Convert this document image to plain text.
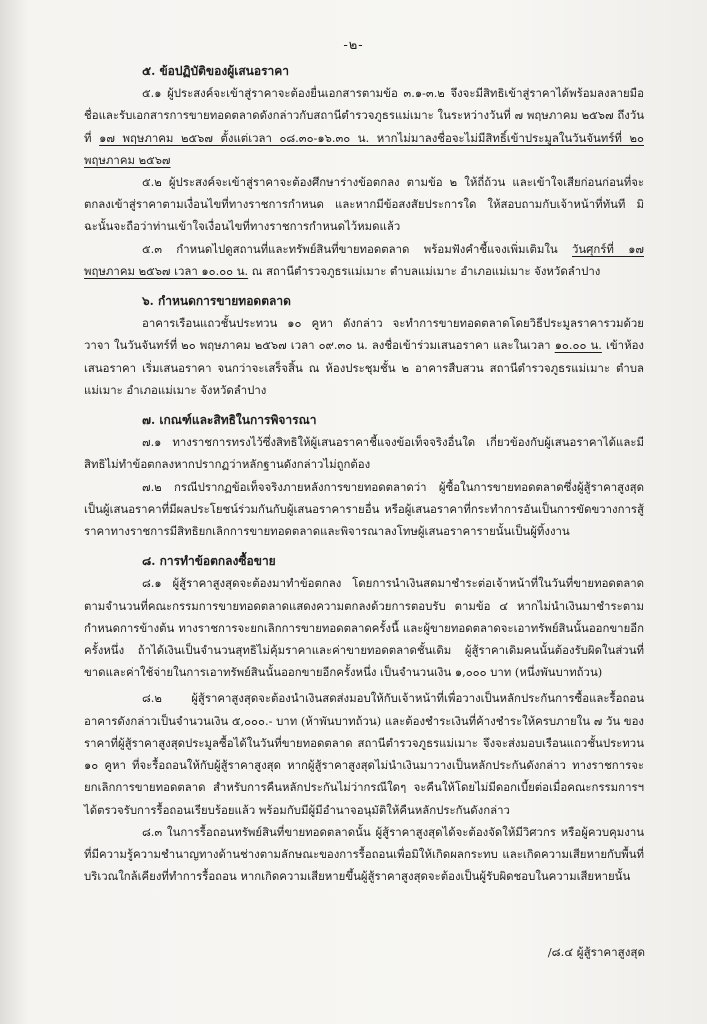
-๒-

๕. ข้อปฏิบัติของผู้เสนอราคา

๕.๑ ผู้ประสงค์จะเข้าสู่ราคาจะต้องยื่นเอกสารตามข้อ ๓.๑-๓.๒ จึงจะมีสิทธิเข้าสู่ราคาได้พร้อมลงลายมือชื่อและรับเอกสารการขายทอดตลาดดังกล่าวกับสถานีตำรวจภูธรแม่เมาะ ในระหว่างวันที่ ๗ พฤษภาคม ๒๕๖๗ ถึงวันที่ ๑๗ พฤษภาคม ๒๕๖๗ ตั้งแต่เวลา ๐๘.๓๐-๑๖.๓๐ น. หากไม่มาลงชื่อจะไม่มีสิทธิ์เข้าประมูลในวันจันทร์ที่ ๒๐ พฤษภาคม ๒๕๖๗

๕.๒ ผู้ประสงค์จะเข้าสู่ราคาจะต้องศึกษาร่างข้อตกลง ตามข้อ ๒ ให้ถี่ถ้วน และเข้าใจเสียก่อนก่อนที่จะตกลงเข้าสู่ราคาตามเงื่อนไขที่ทางราชการกำหนด และหากมีข้อสงสัยประการใด ให้สอบถามกับเจ้าหน้าที่ทันที มิฉะนั้นจะถือว่าท่านเข้าใจเงื่อนไขที่ทางราชการกำหนดไว้หมดแล้ว

๕.๓ กำหนดไปดูสถานที่และทรัพย์สินที่ขายทอดตลาด พร้อมฟังคำชี้แจงเพิ่มเติมใน วันศุกร์ที่ ๑๗ พฤษภาคม ๒๕๖๗ เวลา ๑๐.๐๐ น. ณ สถานีตำรวจภูธรแม่เมาะ ตำบลแม่เมาะ อำเภอแม่เมาะ จังหวัดลำปาง

๖. กำหนดการขายทอดตลาด

อาคารเรือนแถวชั้นประทวน ๑๐ คูหา ดังกล่าว จะทำการขายทอดตลาดโดยวิธีประมูลราคารวมด้วยวาจา ในวันจันทร์ที่ ๒๐ พฤษภาคม ๒๕๖๗ เวลา ๐๙.๓๐ น. ลงชื่อเข้าร่วมเสนอราคา และในเวลา ๑๐.๐๐ น. เข้าห้องเสนอราคา เริ่มเสนอราคา จนกว่าจะเสร็จสิ้น ณ ห้องประชุมชั้น ๒ อาคารสืบสวน สถานีตำรวจภูธรแม่เมาะ ตำบลแม่เมาะ อำเภอแม่เมาะ จังหวัดลำปาง

๗. เกณฑ์และสิทธิในการพิจารณา

๗.๑ ทางราชการทรงไว้ซึ่งสิทธิให้ผู้เสนอราคาชี้แจงข้อเท็จจริงอื่นใด เกี่ยวข้องกับผู้เสนอราคาได้และมีสิทธิไม่ทำข้อตกลงหากปรากฏว่าหลักฐานดังกล่าวไม่ถูกต้อง

๗.๒ กรณีปรากฏข้อเท็จจริงภายหลังการขายทอดตลาดว่า ผู้ซื้อในการขายทอดตลาดซึ่งผู้สู้ราคาสูงสุดเป็นผู้เสนอราคาที่มีผลประโยชน์ร่วมกันกับผู้เสนอราคารายอื่น หรือผู้เสนอราคาที่กระทำการอันเป็นการขัดขวางการสู้ราคาทางราชการมีสิทธิยกเลิกการขายทอดตลาดและพิจารณาลงโทษผู้เสนอราคารายนั้นเป็นผู้ทิ้งงาน

๘. การทำข้อตกลงซื้อขาย

๘.๑ ผู้สู้ราคาสูงสุดจะต้องมาทำข้อตกลง โดยการนำเงินสดมาชำระต่อเจ้าหน้าที่ในวันที่ขายทอดตลาดตามจำนวนที่คณะกรรมการขายทอดตลาดแสดงความตกลงด้วยการตอบรับ ตามข้อ ๔ หากไม่นำเงินมาชำระตามกำหนดการข้างต้น ทางราชการจะยกเลิกการขายทอดตลาดครั้งนี้ และผู้ขายทอดตลาดจะเอาทรัพย์สินนั้นออกขายอีกครั้งหนึ่ง ถ้าได้เงินเป็นจำนวนสุทธิไม่คุ้มราคาและค่าขายทอดตลาดชั้นเดิม ผู้สู้ราคาเดิมคนนั้นต้องรับผิดในส่วนที่ขาดและค่าใช้จ่ายในการเอาทรัพย์สินนั้นออกขายอีกครั้งหนึ่ง เป็นจำนวนเงิน ๑,๐๐๐ บาท (หนึ่งพันบาทถ้วน)

๘.๒ ผู้สู้ราคาสูงสุดจะต้องนำเงินสดส่งมอบให้กับเจ้าหน้าที่เพื่อวางเป็นหลักประกันการซื้อและรื้อถอนอาคารดังกล่าวเป็นจำนวนเงิน ๕,๐๐๐.- บาท (ห้าพันบาทถ้วน) และต้องชำระเงินที่ค้างชำระให้ครบภายใน ๗ วัน ของราคาที่ผู้สู้ราคาสูงสุดประมูลซื้อได้ในวันที่ขายทอดตลาด สถานีตำรวจภูธรแม่เมาะ จึงจะส่งมอบเรือนแถวชั้นประทวน ๑๐ คูหา ที่จะรื้อถอนให้กับผู้สู้ราคาสูงสุด หากผู้สู้ราคาสูงสุดไม่นำเงินมาวางเป็นหลักประกันดังกล่าว ทางราชการจะยกเลิกการขายทอดตลาด สำหรับการคืนหลักประกันไม่ว่ากรณีใดๆ จะคืนให้โดยไม่มีดอกเบี้ยต่อเมื่อคณะกรรมการฯ ได้ตรวจรับการรื้อถอนเรียบร้อยแล้ว พร้อมกับมีผู้มีอำนาจอนุมัติให้คืนหลักประกันดังกล่าว

๘.๓ ในการรื้อถอนทรัพย์สินที่ขายทอดตลาดนั้น ผู้สู้ราคาสูงสุดได้จะต้องจัดให้มีวิศวกร หรือผู้ควบคุมงานที่มีความรู้ความชำนาญทางด้านช่างตามลักษณะของการรื้อถอนเพื่อมิให้เกิดผลกระทบ และเกิดความเสียหายกับพื้นที่บริเวณใกล้เคียงที่ทำการรื้อถอน หากเกิดความเสียหายขึ้นผู้สู้ราคาสูงสุดจะต้องเป็นผู้รับผิดชอบในความเสียหายนั้น

/๘.๔ ผู้สู้ราคาสูงสุด
